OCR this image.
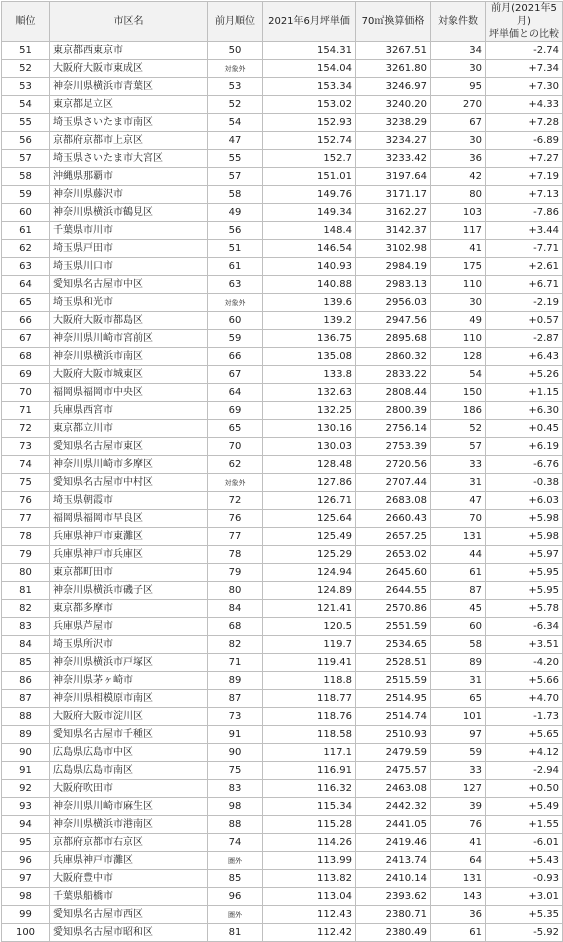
順位	市区名	前月順位	2021年6月坪単価	70㎡換算価格	対象件数	前月(2021年5月)
坪単価との比較
51	東京都西東京市	50	154.31	3267.51	34	-2.74
52	大阪府大阪市東成区	対象外	154.04	3261.80	30	+7.34
53	神奈川県横浜市青葉区	53	153.34	3246.97	95	+7.30
54	東京都足立区	52	153.02	3240.20	270	+4.33
55	埼玉県さいたま市南区	54	152.93	3238.29	67	+7.28
56	京都府京都市上京区	47	152.74	3234.27	30	-6.89
57	埼玉県さいたま市大宮区	55	152.7	3233.42	36	+7.27
58	沖縄県那覇市	57	151.01	3197.64	42	+7.19
59	神奈川県藤沢市	58	149.76	3171.17	80	+7.13
60	神奈川県横浜市鶴見区	49	149.34	3162.27	103	-7.86
61	千葉県市川市	56	148.4	3142.37	117	+3.44
62	埼玉県戸田市	51	146.54	3102.98	41	-7.71
63	埼玉県川口市	61	140.93	2984.19	175	+2.61
64	愛知県名古屋市中区	63	140.88	2983.13	110	+6.71
65	埼玉県和光市	対象外	139.6	2956.03	30	-2.19
66	大阪府大阪市都島区	60	139.2	2947.56	49	+0.57
67	神奈川県川崎市宮前区	59	136.75	2895.68	110	-2.87
68	神奈川県横浜市南区	66	135.08	2860.32	128	+6.43
69	大阪府大阪市城東区	67	133.8	2833.22	54	+5.26
70	福岡県福岡市中央区	64	132.63	2808.44	150	+1.15
71	兵庫県西宮市	69	132.25	2800.39	186	+6.30
72	東京都立川市	65	130.16	2756.14	52	+0.45
73	愛知県名古屋市東区	70	130.03	2753.39	57	+6.19
74	神奈川県川崎市多摩区	62	128.48	2720.56	33	-6.76
75	愛知県名古屋市中村区	対象外	127.86	2707.44	31	-0.38
76	埼玉県朝霞市	72	126.71	2683.08	47	+6.03
77	福岡県福岡市早良区	76	125.64	2660.43	70	+5.98
78	兵庫県神戸市東灘区	77	125.49	2657.25	131	+5.98
79	兵庫県神戸市兵庫区	78	125.29	2653.02	44	+5.97
80	東京都町田市	79	124.94	2645.60	61	+5.95
81	神奈川県横浜市磯子区	80	124.89	2644.55	87	+5.95
82	東京都多摩市	84	121.41	2570.86	45	+5.78
83	兵庫県芦屋市	68	120.5	2551.59	60	-6.34
84	埼玉県所沢市	82	119.7	2534.65	58	+3.51
85	神奈川県横浜市戸塚区	71	119.41	2528.51	89	-4.20
86	神奈川県茅ヶ崎市	89	118.8	2515.59	31	+5.66
87	神奈川県相模原市南区	87	118.77	2514.95	65	+4.70
88	大阪府大阪市淀川区	73	118.76	2514.74	101	-1.73
89	愛知県名古屋市千種区	91	118.58	2510.93	97	+5.65
90	広島県広島市中区	90	117.1	2479.59	59	+4.12
91	広島県広島市南区	75	116.91	2475.57	33	-2.94
92	大阪府吹田市	83	116.32	2463.08	127	+0.50
93	神奈川県川崎市麻生区	98	115.34	2442.32	39	+5.49
94	神奈川県横浜市港南区	88	115.28	2441.05	76	+1.55
95	京都府京都市右京区	74	114.26	2419.46	41	-6.01
96	兵庫県神戸市灘区	圏外	113.99	2413.74	64	+5.43
97	大阪府豊中市	85	113.82	2410.14	131	-0.93
98	千葉県船橋市	96	113.04	2393.62	143	+3.01
99	愛知県名古屋市西区	圏外	112.43	2380.71	36	+5.35
100	愛知県名古屋市昭和区	81	112.42	2380.49	61	-5.92
